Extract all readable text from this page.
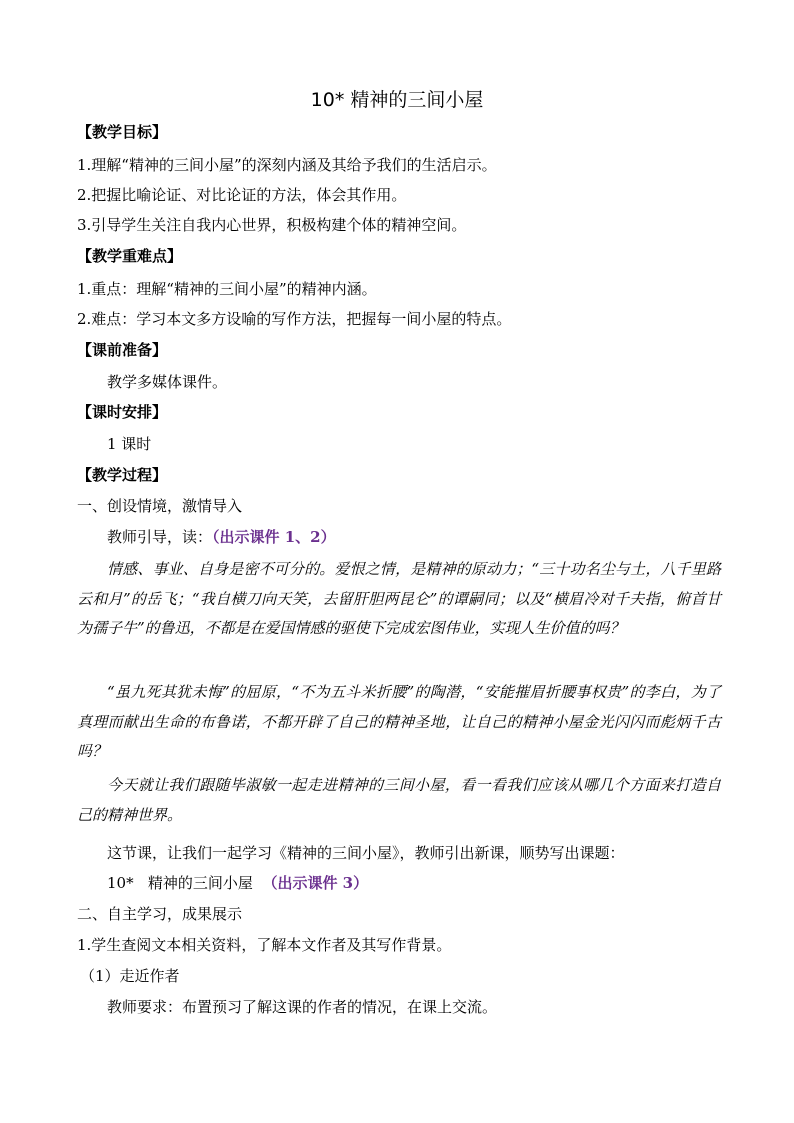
10* 精神的三间小屋
【教学目标】
1.理解“精神的三间小屋”的深刻内涵及其给予我们的生活启示。
2.把握比喻论证、对比论证的方法，体会其作用。
3.引导学生关注自我内心世界，积极构建个体的精神空间。
【教学重难点】
1.重点：理解“精神的三间小屋”的精神内涵。
2.难点：学习本文多方设喻的写作方法，把握每一间小屋的特点。
【课前准备】
教学多媒体课件。
【课时安排】
1 课时
【教学过程】
一、创设情境，激情导入
教师引导，读：（出示课件 1、2）
情感、事业、自身是密不可分的。爱恨之情，是精神的原动力；“三十功名尘与土，八千里路云和月”的岳飞；“我自横刀向天笑，去留肝胆两昆仑”的谭嗣同；以及“横眉冷对千夫指，俯首甘为孺子牛”的鲁迅，不都是在爱国情感的驱使下完成宏图伟业，实现人生价值的吗？
“虽九死其犹未悔”的屈原，“不为五斗米折腰”的陶潜，“安能摧眉折腰事权贵”的李白，为了真理而献出生命的布鲁诺，不都开辟了自己的精神圣地，让自己的精神小屋金光闪闪而彪炳千古吗？
今天就让我们跟随毕淑敏一起走进精神的三间小屋，看一看我们应该从哪几个方面来打造自己的精神世界。
这节课，让我们一起学习《精神的三间小屋》，教师引出新课，顺势写出课题：
10*   精神的三间小屋  （出示课件 3）
二、自主学习，成果展示
1.学生查阅文本相关资料，了解本文作者及其写作背景。
（1）走近作者
教师要求：布置预习了解这课的作者的情况，在课上交流。
